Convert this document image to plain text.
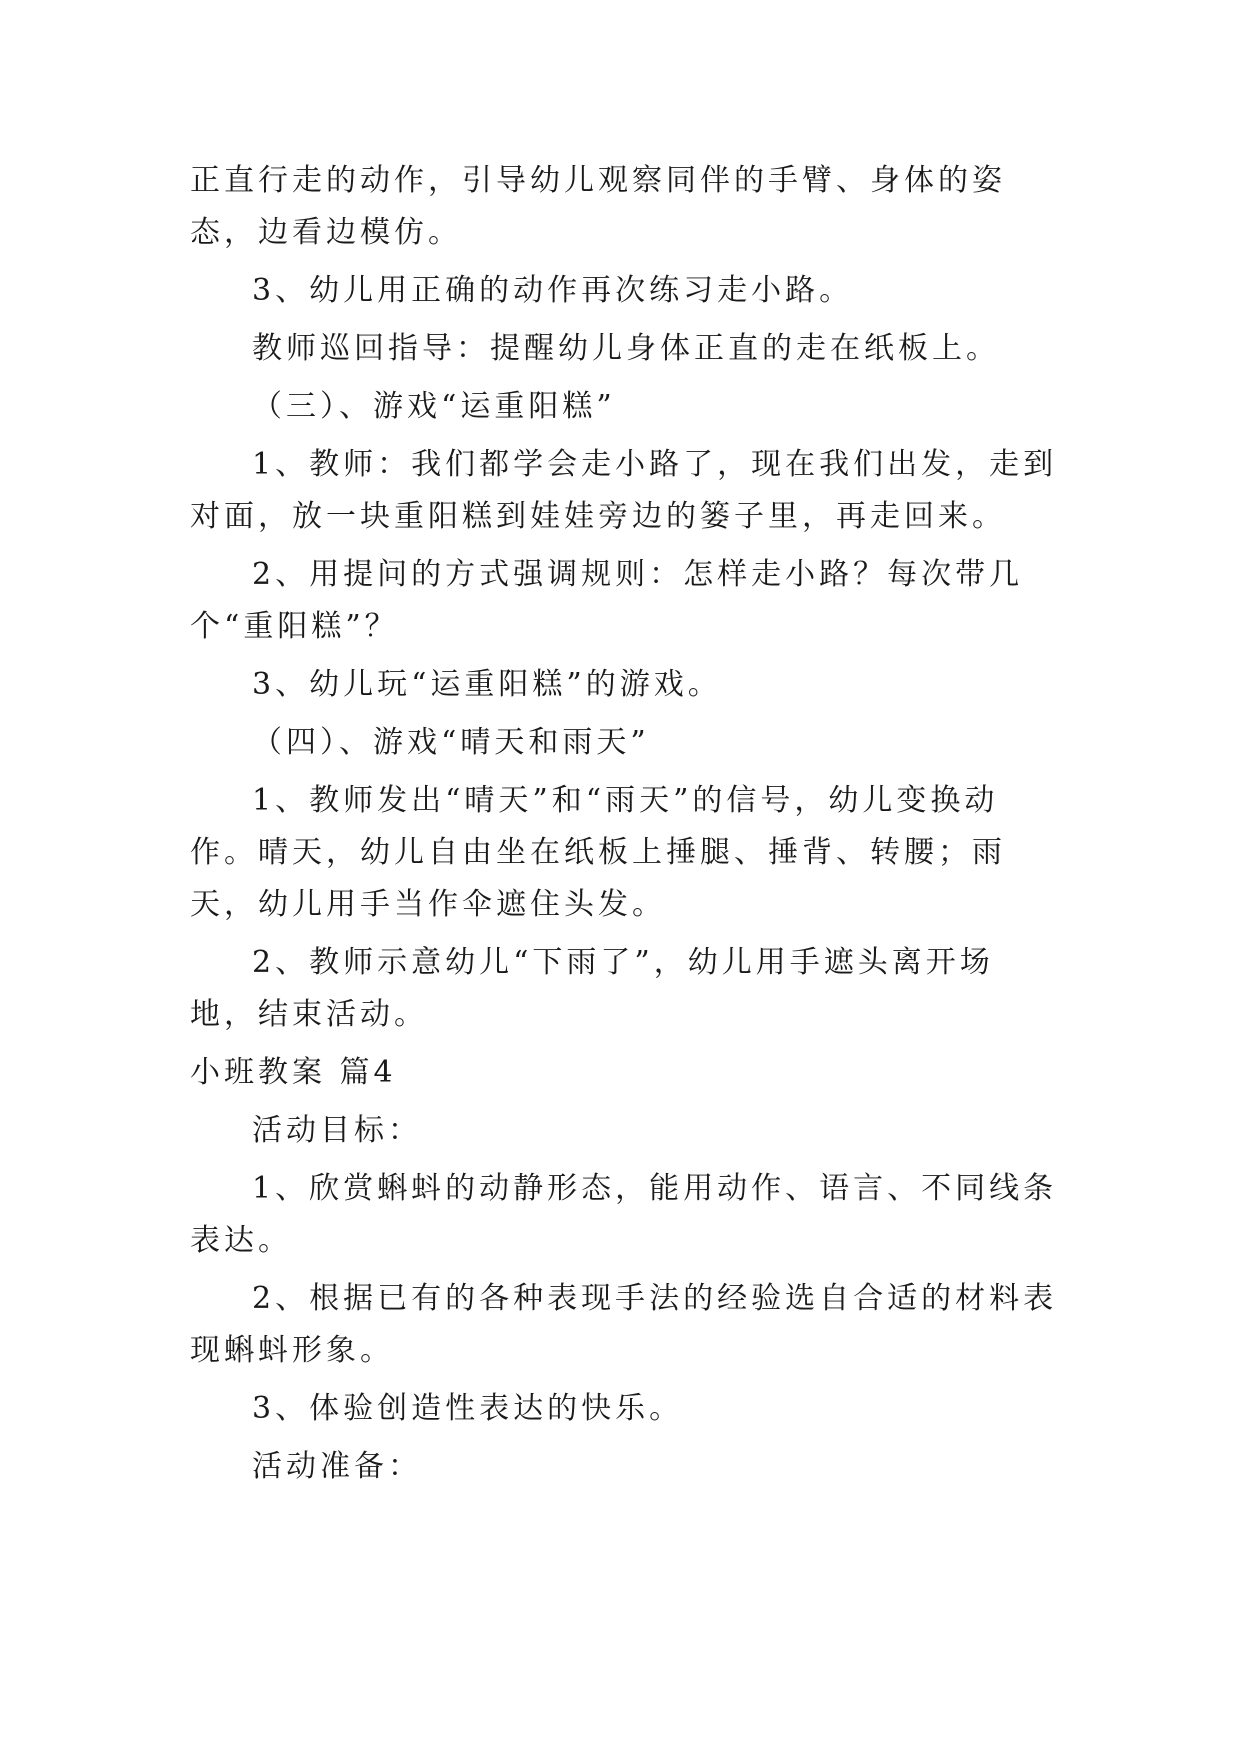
正直行走的动作，引导幼儿观察同伴的手臂、身体的姿态，边看边模仿。

3、幼儿用正确的动作再次练习走小路。

教师巡回指导：提醒幼儿身体正直的走在纸板上。

（三）、游戏“运重阳糕”

1、教师：我们都学会走小路了，现在我们出发，走到对面，放一块重阳糕到娃娃旁边的篓子里，再走回来。

2、用提问的方式强调规则：怎样走小路？每次带几个“重阳糕”？

3、幼儿玩“运重阳糕”的游戏。

（四）、游戏“晴天和雨天”

1、教师发出“晴天”和“雨天”的信号，幼儿变换动作。晴天，幼儿自由坐在纸板上捶腿、捶背、转腰；雨天，幼儿用手当作伞遮住头发。

2、教师示意幼儿“下雨了”，幼儿用手遮头离开场地，结束活动。

小班教案 篇4

活动目标：

1、欣赏蝌蚪的动静形态，能用动作、语言、不同线条表达。

2、根据已有的各种表现手法的经验选自合适的材料表现蝌蚪形象。

3、体验创造性表达的快乐。

活动准备：
